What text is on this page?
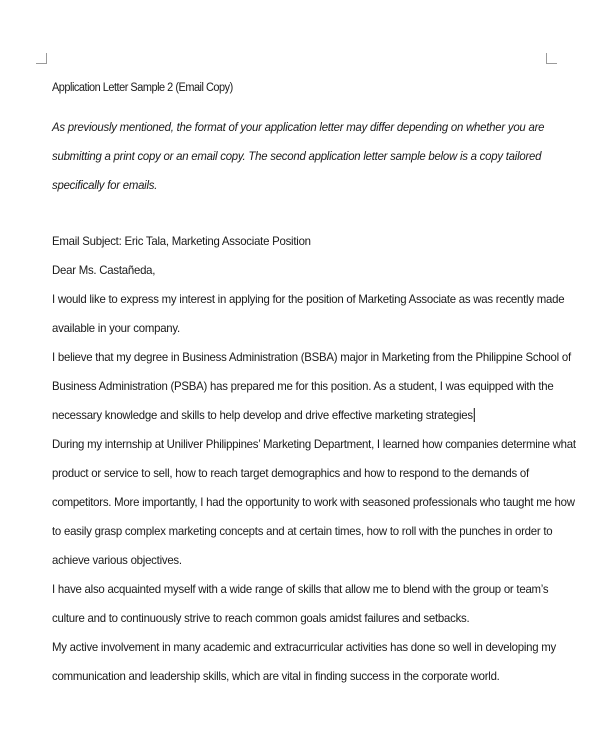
Application Letter Sample 2 (Email Copy)
As previously mentioned, the format of your application letter may differ depending on whether you are
submitting a print copy or an email copy. The second application letter sample below is a copy tailored
specifically for emails.
Email Subject: Eric Tala, Marketing Associate Position
Dear Ms. Castañeda,
I would like to express my interest in applying for the position of Marketing Associate as was recently made
available in your company.
I believe that my degree in Business Administration (BSBA) major in Marketing from the Philippine School of
Business Administration (PSBA) has prepared me for this position. As a student, I was equipped with the
necessary knowledge and skills to help develop and drive effective marketing strategies
During my internship at Uniliver Philippines’ Marketing Department, I learned how companies determine what
product or service to sell, how to reach target demographics and how to respond to the demands of
competitors. More importantly, I had the opportunity to work with seasoned professionals who taught me how
to easily grasp complex marketing concepts and at certain times, how to roll with the punches in order to
achieve various objectives.
I have also acquainted myself with a wide range of skills that allow me to blend with the group or team’s
culture and to continuously strive to reach common goals amidst failures and setbacks.
My active involvement in many academic and extracurricular activities has done so well in developing my
communication and leadership skills, which are vital in finding success in the corporate world.
